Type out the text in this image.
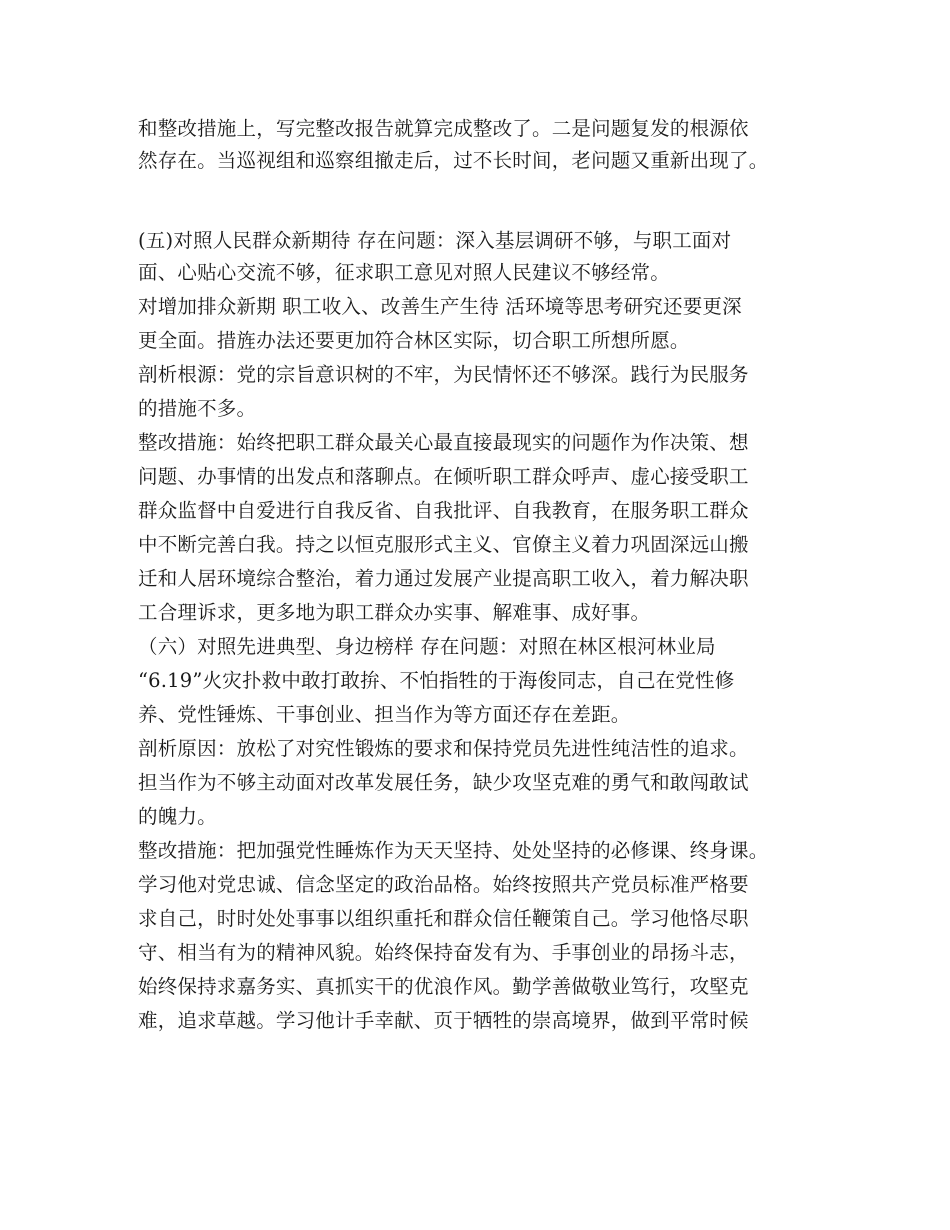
和整改措施上，写完整改报告就算完成整改了。二是问题复发的根源依
然存在。当巡视组和巡察组撤走后，过不长时间，老问题又重新出现了。
(五)对照人民群众新期待 存在问题：深入基层调研不够，与职工面对
面、心贴心交流不够，征求职工意见对照人民建议不够经常。
对增加排众新期 职工收入、改善生产生待 活环境等思考研究还要更深
更全面。措旌办法还要更加符合林区实际，切合职工所想所愿。
剖析根源：党的宗旨意识树的不牢，为民情怀还不够深。践行为民服务
的措施不多。
整改措施：始终把职工群众最关心最直接最现实的问题作为作决策、想
问题、办事情的出发点和落聊点。在倾听职工群众呼声、虚心接受职工
群众监督中自爱进行自我反省、自我批评、自我教育，在服务职工群众
中不断完善白我。持之以恒克服形式主义、官僚主义着力巩固深远山搬
迁和人居环境综合整治，着力通过发展产业提高职工收入，着力解决职
工合理诉求，更多地为职工群众办实事、解难事、成好事。
（六）对照先进典型、身边榜样 存在问题：对照在林区根河林业局
“6.19”火灾扑救中敢打敢拚、不怕指牲的于海俊同志，自己在党性修
养、党性锤炼、干事创业、担当作为等方面还存在差距。
剖析原因：放松了对究性锻炼的要求和保持党员先进性纯洁性的追求。
担当作为不够主动面对改革发展任务，缺少攻坚克难的勇气和敢闯敢试
的魄力。
整改措施：把加强党性睡炼作为天天坚持、处处坚持的必修课、终身课。
学习他对党忠诚、信念坚定的政治品格。始终按照共产党员标准严格要
求自己，时时处处事事以组织重托和群众信任鞭策自己。学习他恪尽职
守、相当有为的精神风貌。始终保持奋发有为、手事创业的昂扬斗志，
始终保持求嘉务实、真抓实干的优浪作风。勤学善做敬业笃行，攻堅克
难，追求草越。学习他计手幸献、页于牺牲的崇高境界，做到平常时候
